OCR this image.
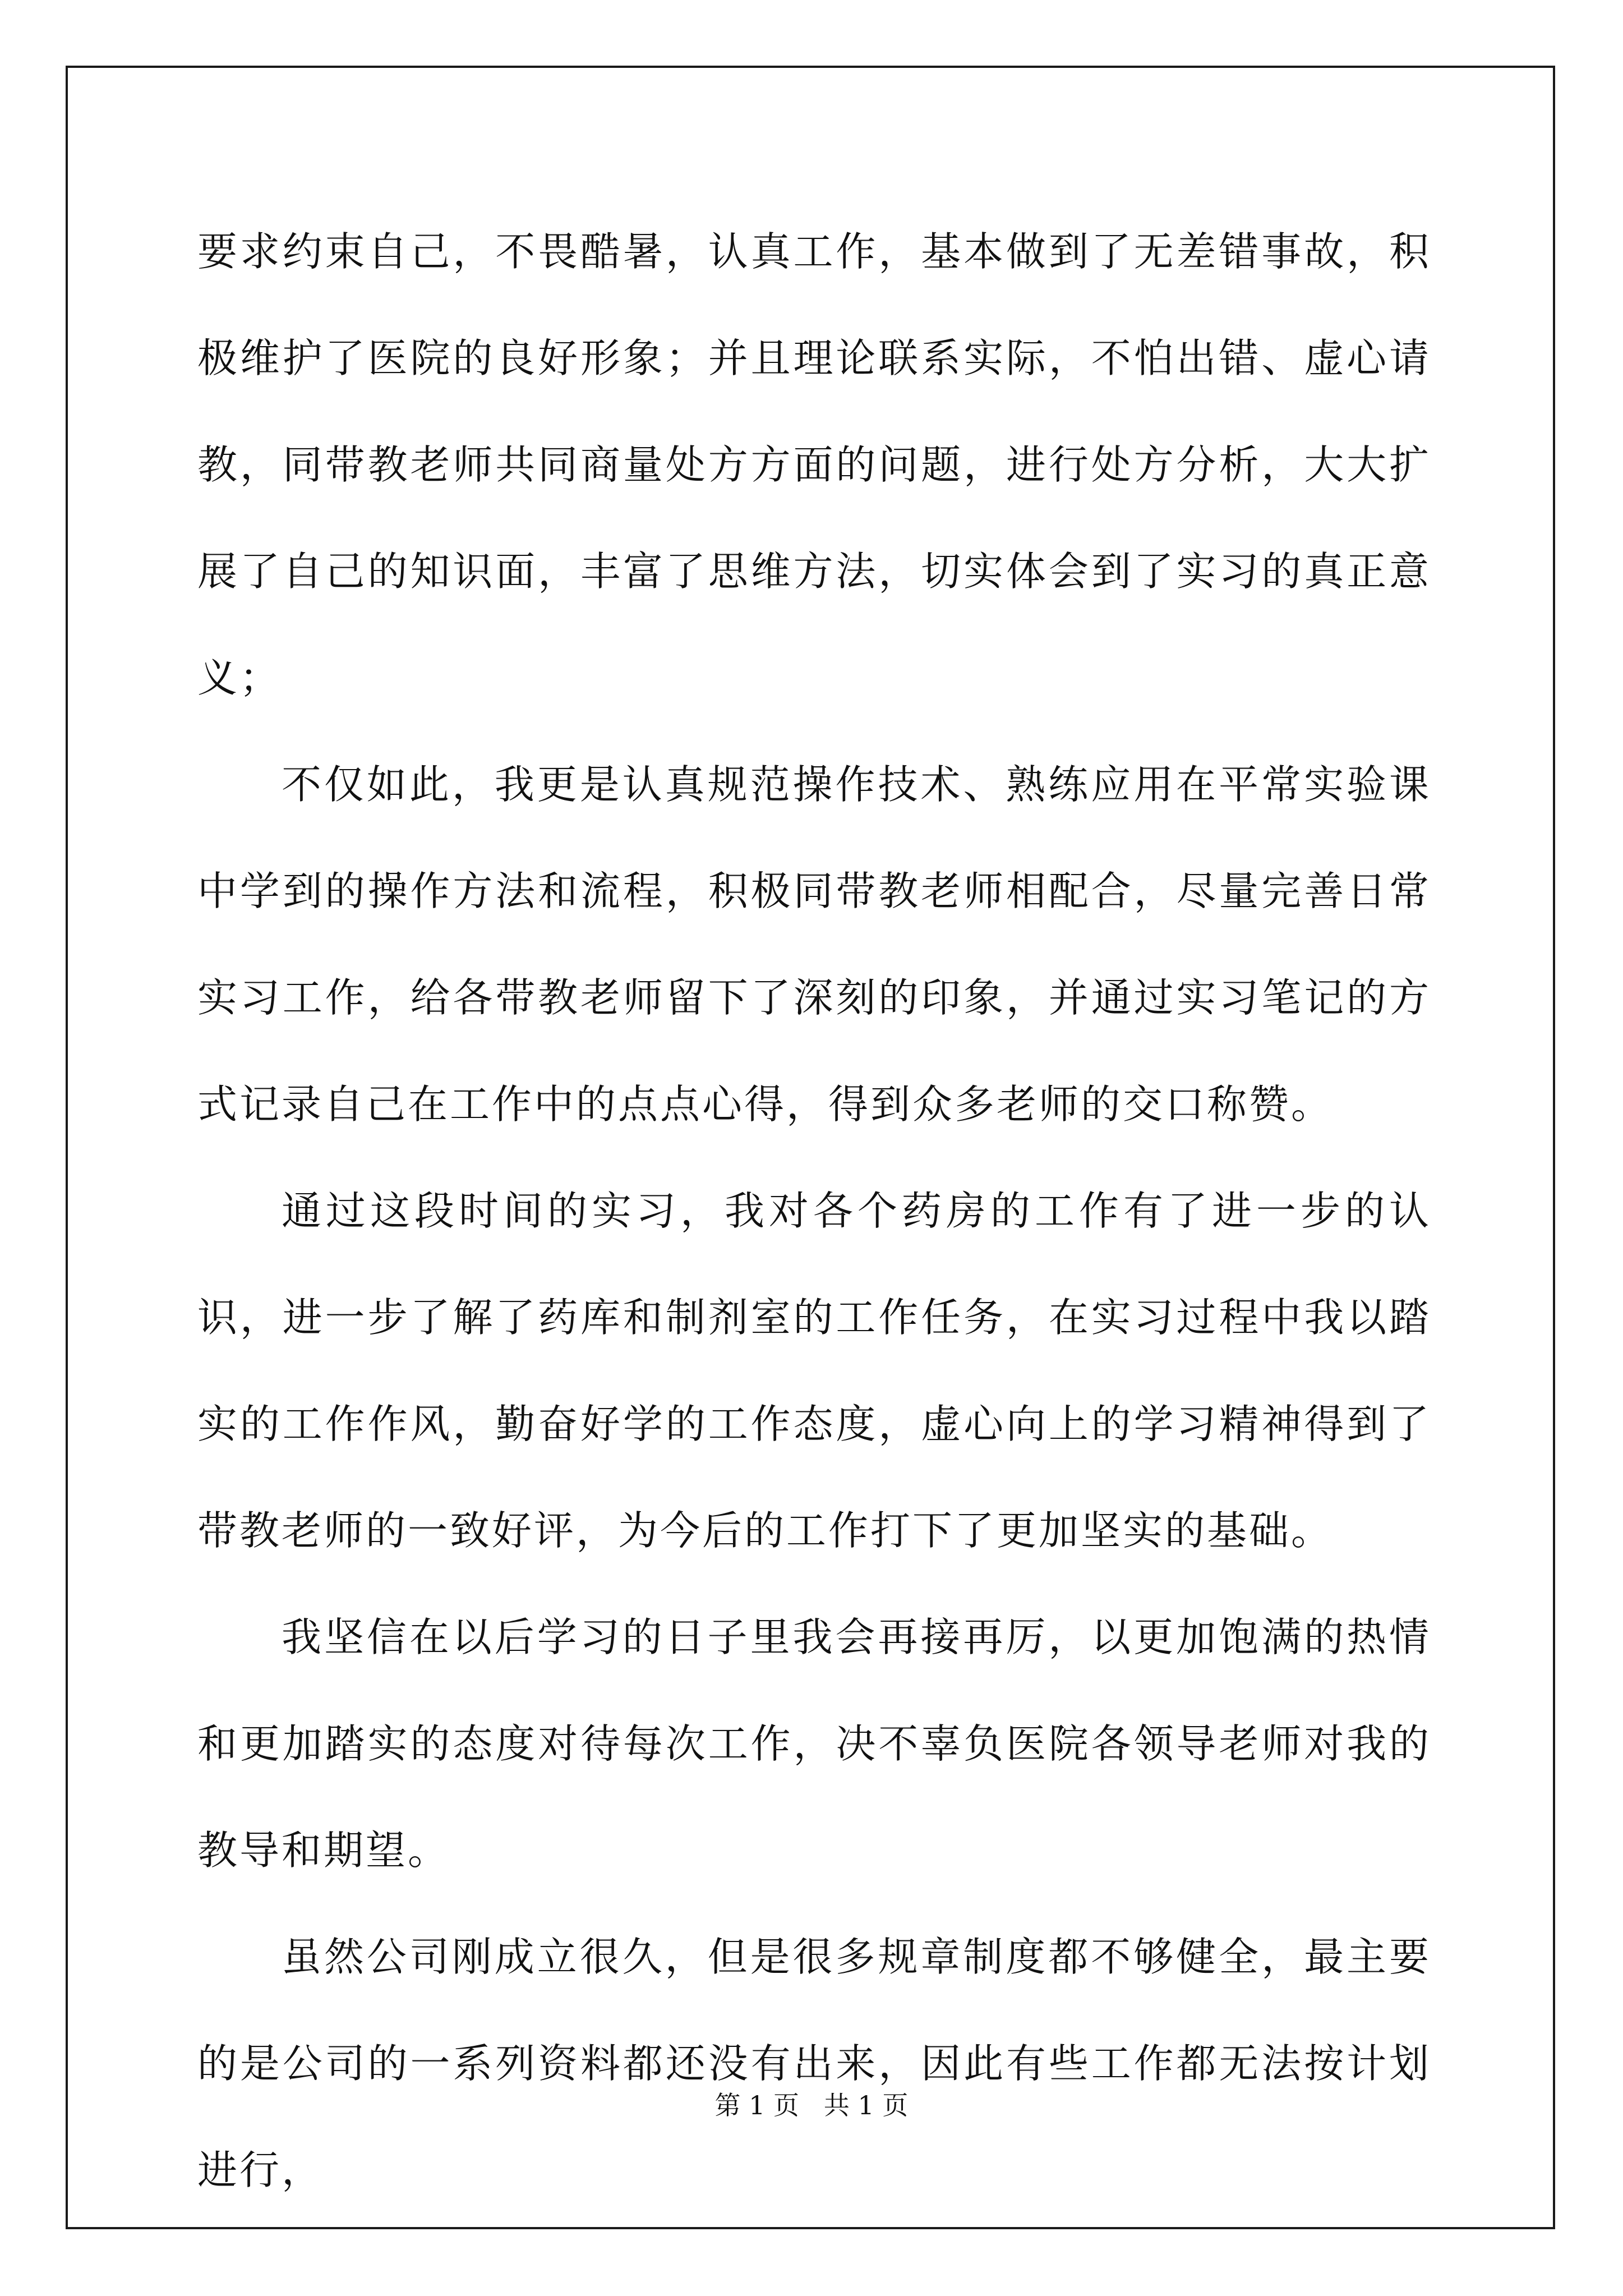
要求约束自己，不畏酷暑，认真工作，基本做到了无差错事故，积极维护了医院的良好形象；并且理论联系实际，不怕出错、虚心请教，同带教老师共同商量处方方面的问题，进行处方分析，大大扩展了自己的知识面，丰富了思维方法，切实体会到了实习的真正意义；

不仅如此，我更是认真规范操作技术、熟练应用在平常实验课中学到的操作方法和流程，积极同带教老师相配合，尽量完善日常实习工作，给各带教老师留下了深刻的印象，并通过实习笔记的方式记录自己在工作中的点点心得，得到众多老师的交口称赞。

通过这段时间的实习，我对各个药房的工作有了进一步的认识，进一步了解了药库和制剂室的工作任务，在实习过程中我以踏实的工作作风，勤奋好学的工作态度，虚心向上的学习精神得到了带教老师的一致好评，为今后的工作打下了更加坚实的基础。

我坚信在以后学习的日子里我会再接再厉，以更加饱满的热情和更加踏实的态度对待每次工作，决不辜负医院各领导老师对我的教导和期望。

虽然公司刚成立很久，但是很多规章制度都不够健全，最主要的是公司的一系列资料都还没有出来，因此有些工作都无法按计划进行，

第 1 页   共 1 页
